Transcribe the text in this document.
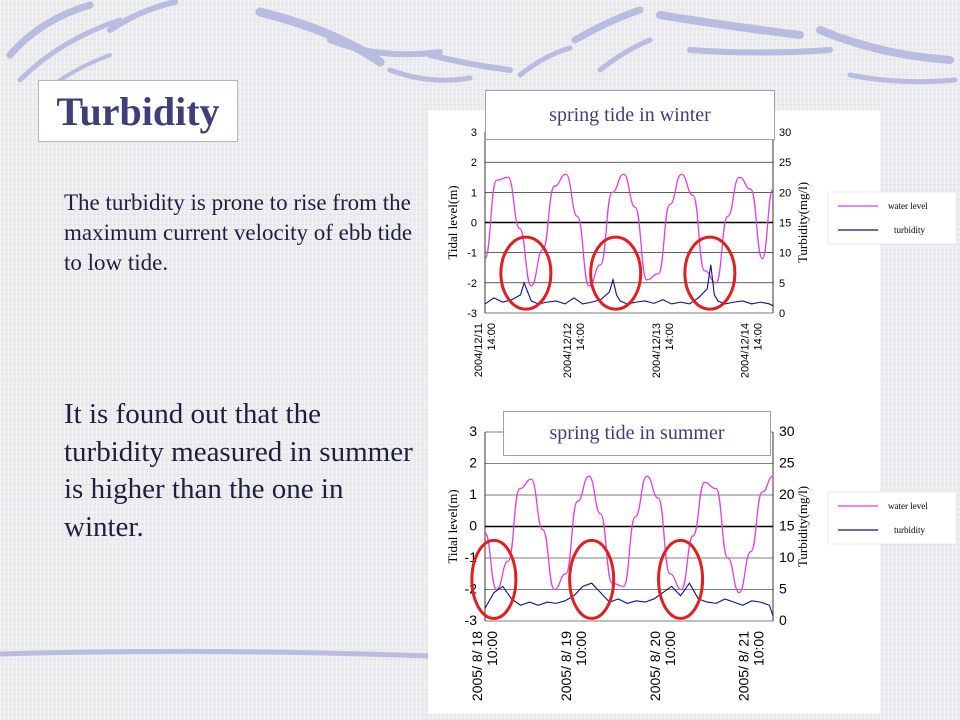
Turbidity

The turbidity is prone to rise from the maximum current velocity of ebb tide to low tide.

It is found out that the turbidity measured in summer is higher than the one in winter.

3
2
1
0
-1
-2
-3
30
25
20
15
10
5
0
2004/12/11 14:00	2004/12/12 14:00	2004/12/13 14:00	2004/12/14 14:00
Tidal level(m)	Turbidity(mg/l)	water level
turbidity
3
2
1
0
-1
-2
-3
30
25
20
15
10
5
0
2005/ 8/ 18 10:00	2005/ 8/ 19 10:00	2005/ 8/ 20 10:00	2005/ 8/ 21 10:00
Tidal level(m)	Turbidity(mg/l)	water level
turbidity
spring tide in winter
spring tide in summer
